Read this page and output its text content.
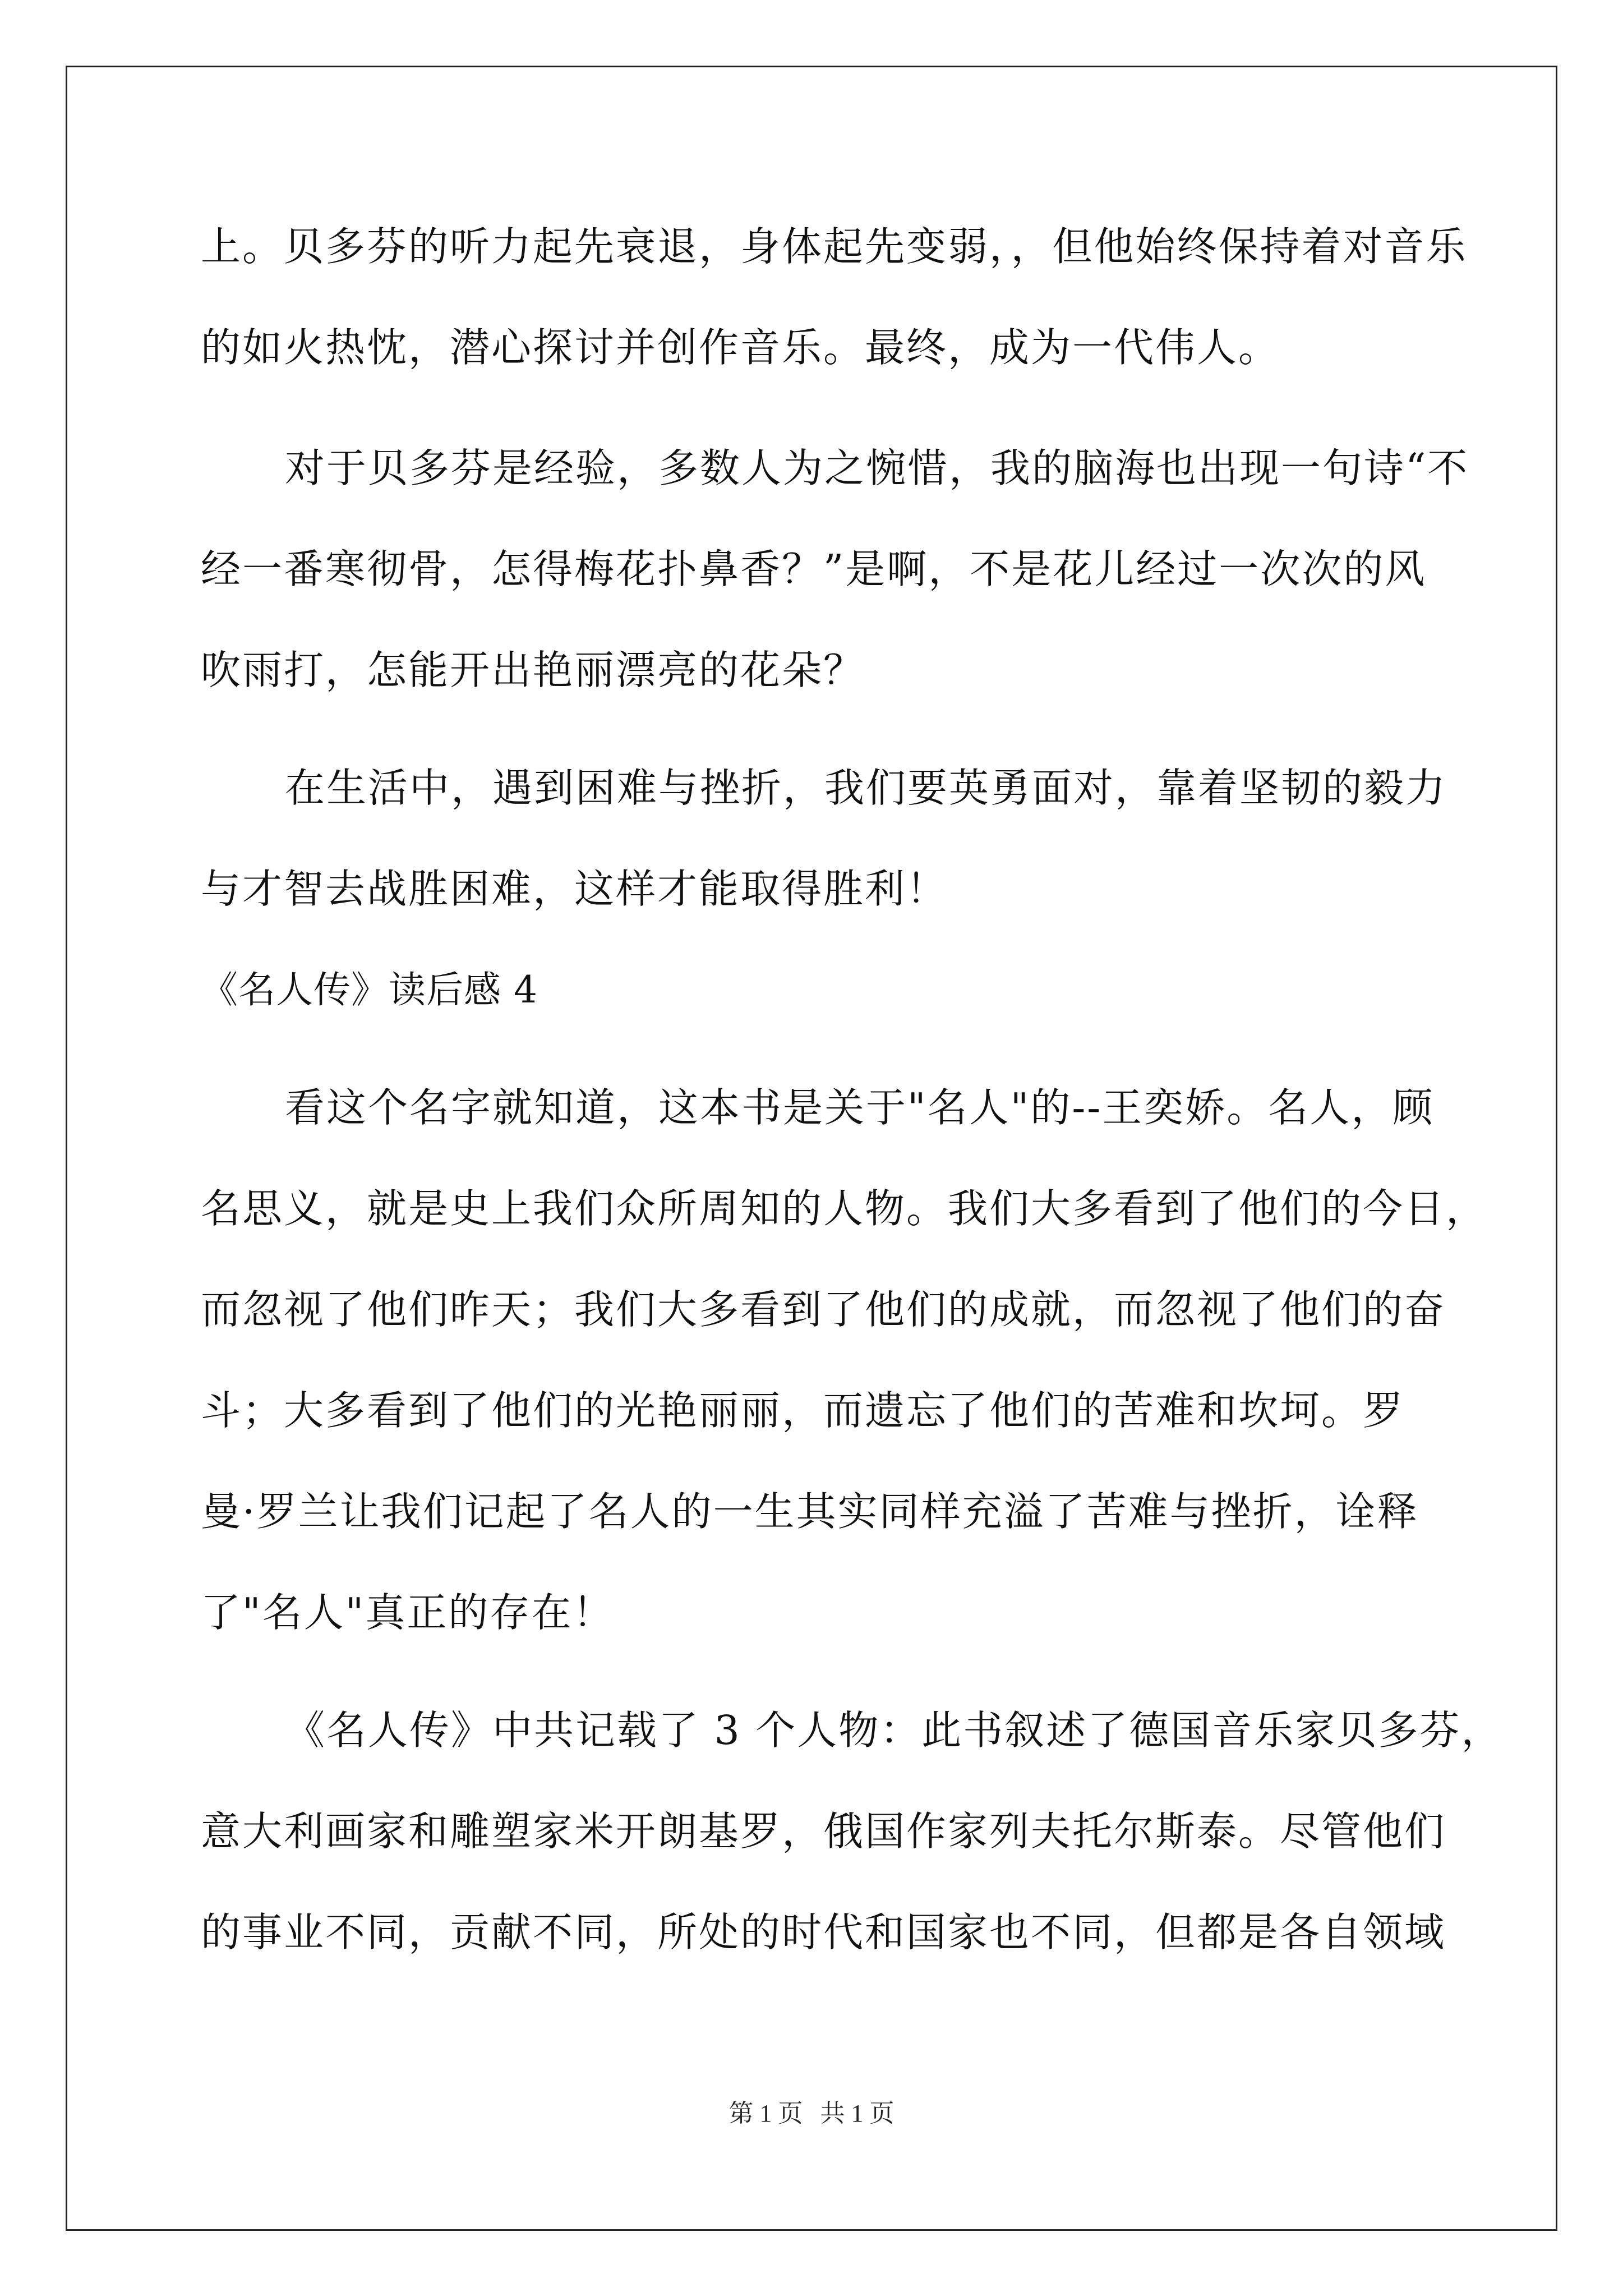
上。贝多芬的听力起先衰退，身体起先变弱，，但他始终保持着对音乐
的如火热忱，潜心探讨并创作音乐。最终，成为一代伟人。
对于贝多芬是经验，多数人为之惋惜，我的脑海也出现一句诗“不
经一番寒彻骨，怎得梅花扑鼻香？”是啊，不是花儿经过一次次的风
吹雨打，怎能开出艳丽漂亮的花朵？
在生活中，遇到困难与挫折，我们要英勇面对，靠着坚韧的毅力
与才智去战胜困难，这样才能取得胜利！
《名人传》读后感 4
看这个名字就知道，这本书是关于"名人"的--王奕娇。名人，顾
名思义，就是史上我们众所周知的人物。我们大多看到了他们的今日，
而忽视了他们昨天；我们大多看到了他们的成就，而忽视了他们的奋
斗；大多看到了他们的光艳丽丽，而遗忘了他们的苦难和坎坷。罗
曼·罗兰让我们记起了名人的一生其实同样充溢了苦难与挫折，诠释
了"名人"真正的存在！
《名人传》中共记载了 3 个人物：此书叙述了德国音乐家贝多芬，
意大利画家和雕塑家米开朗基罗，俄国作家列夫托尔斯泰。尽管他们
的事业不同，贡献不同，所处的时代和国家也不同，但都是各自领域
第 1 页 共 1 页
